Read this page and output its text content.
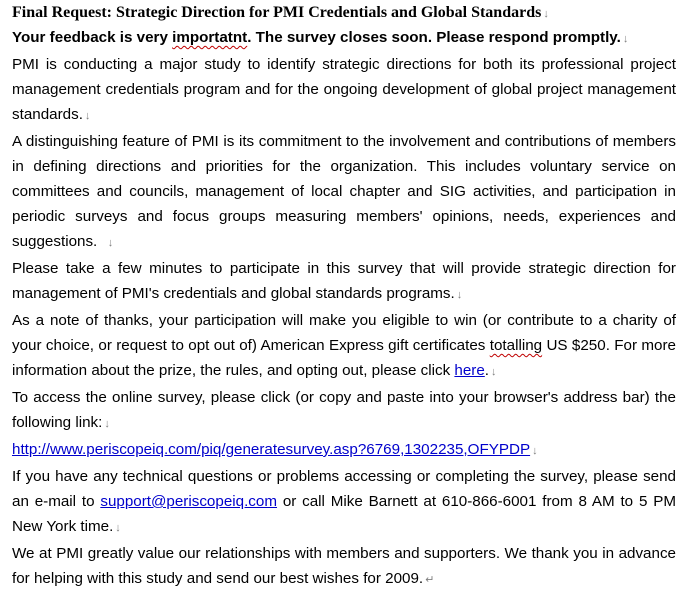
Final Request: Strategic Direction for PMI Credentials and Global Standards ↓

Your feedback is very importatnt. The survey closes soon. Please respond promptly. ↓

PMI is conducting a major study to identify strategic directions for both its professional project management credentials program and for the ongoing development of global project management standards. ↓

A distinguishing feature of PMI is its commitment to the involvement and contributions of members in defining directions and priorities for the organization. This includes voluntary service on committees and councils, management of local chapter and SIG activities, and participation in periodic surveys and focus groups measuring members' opinions, needs, experiences and suggestions. ↓

Please take a few minutes to participate in this survey that will provide strategic direction for management of PMI's credentials and global standards programs. ↓

As a note of thanks, your participation will make you eligible to win (or contribute to a charity of your choice, or request to opt out of) American Express gift certificates totalling US $250. For more information about the prize, the rules, and opting out, please click here. ↓

To access the online survey, please click (or copy and paste into your browser's address bar) the following link: ↓

http://www.periscopeiq.com/piq/generatesurvey.asp?6769,1302235,OFYPDP ↓

If you have any technical questions or problems accessing or completing the survey, please send an e-mail to support@periscopeiq.com or call Mike Barnett at 610-866-6001 from 8 AM to 5 PM New York time. ↓

We at PMI greatly value our relationships with members and supporters. We thank you in advance for helping with this study and send our best wishes for 2009. ↵
